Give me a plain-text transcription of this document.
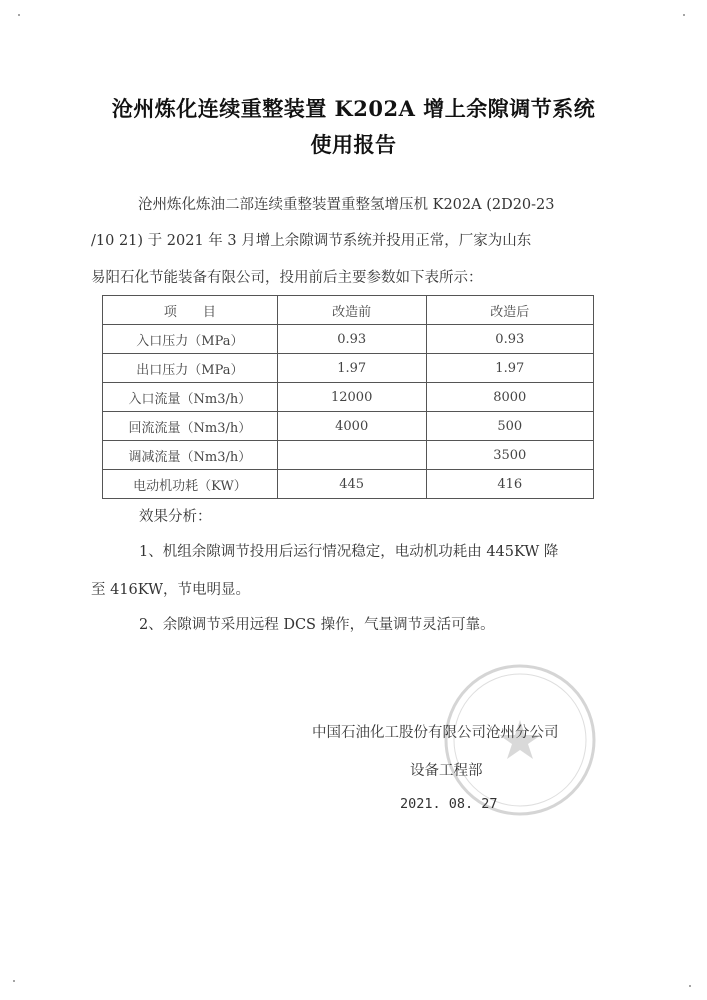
沧州炼化连续重整装置 K202A 增上余隙调节系统
使用报告
沧州炼化炼油二部连续重整装置重整氢增压机 K202A (2D20-23
/10 21) 于 2021 年 3 月增上余隙调节系统并投用正常，厂家为山东
易阳石化节能装备有限公司，投用前后主要参数如下表所示：
项　　目	改造前	改造后
入口压力（MPa）	0.93	0.93
出口压力（MPa）	1.97	1.97
入口流量（Nm3/h）	12000	8000
回流流量（Nm3/h）	4000	500
调减流量（Nm3/h）		3500
电动机功耗（KW）	445	416
效果分析：
1、机组余隙调节投用后运行情况稳定，电动机功耗由 445KW 降
至 416KW，节电明显。
2、余隙调节采用远程 DCS 操作，气量调节灵活可靠。
中国石油化工股份有限公司沧州分公司
设备工程部
2021. 08. 27
